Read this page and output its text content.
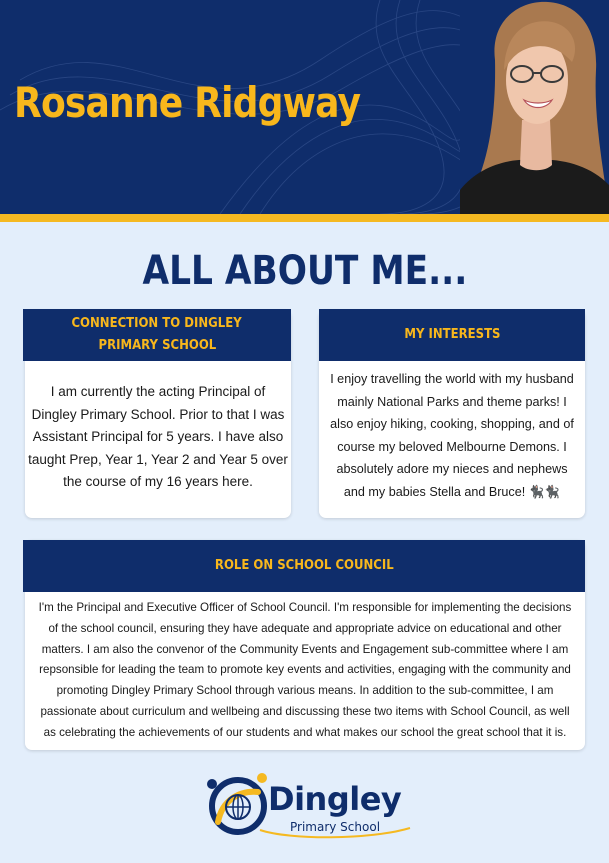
Rosanne Ridgway
ALL ABOUT ME...
CONNECTION TO DINGLEY
PRIMARY SCHOOL
I am currently the acting Principal of
Dingley Primary School. Prior to that I was
Assistant Principal for 5 years. I have also
taught Prep, Year 1, Year 2 and Year 5 over
the course of my 16 years here.
MY INTERESTS
I enjoy travelling the world with my husband
mainly National Parks and theme parks! I
also enjoy hiking, cooking, shopping, and of
course my beloved Melbourne Demons. I
absolutely adore my nieces and nephews
and my babies Stella and Bruce! 🐈‍⬛🐈‍⬛
ROLE ON SCHOOL COUNCIL
I'm the Principal and Executive Officer of School Council. I'm responsible for implementing the decisions
of the school council, ensuring they have adequate and appropriate advice on educational and other
matters. I am also the convenor of the Community Events and Engagement sub-committee where I am
repsonsible for leading the team to promote key events and activities, engaging with the community and
promoting Dingley Primary School through various means. In addition to the sub-committee, I am
passionate about curriculum and wellbeing and discussing these two items with School Council, as well
as celebrating the achievements of our students and what makes our school the great school that it is.
Dingley
Primary School
